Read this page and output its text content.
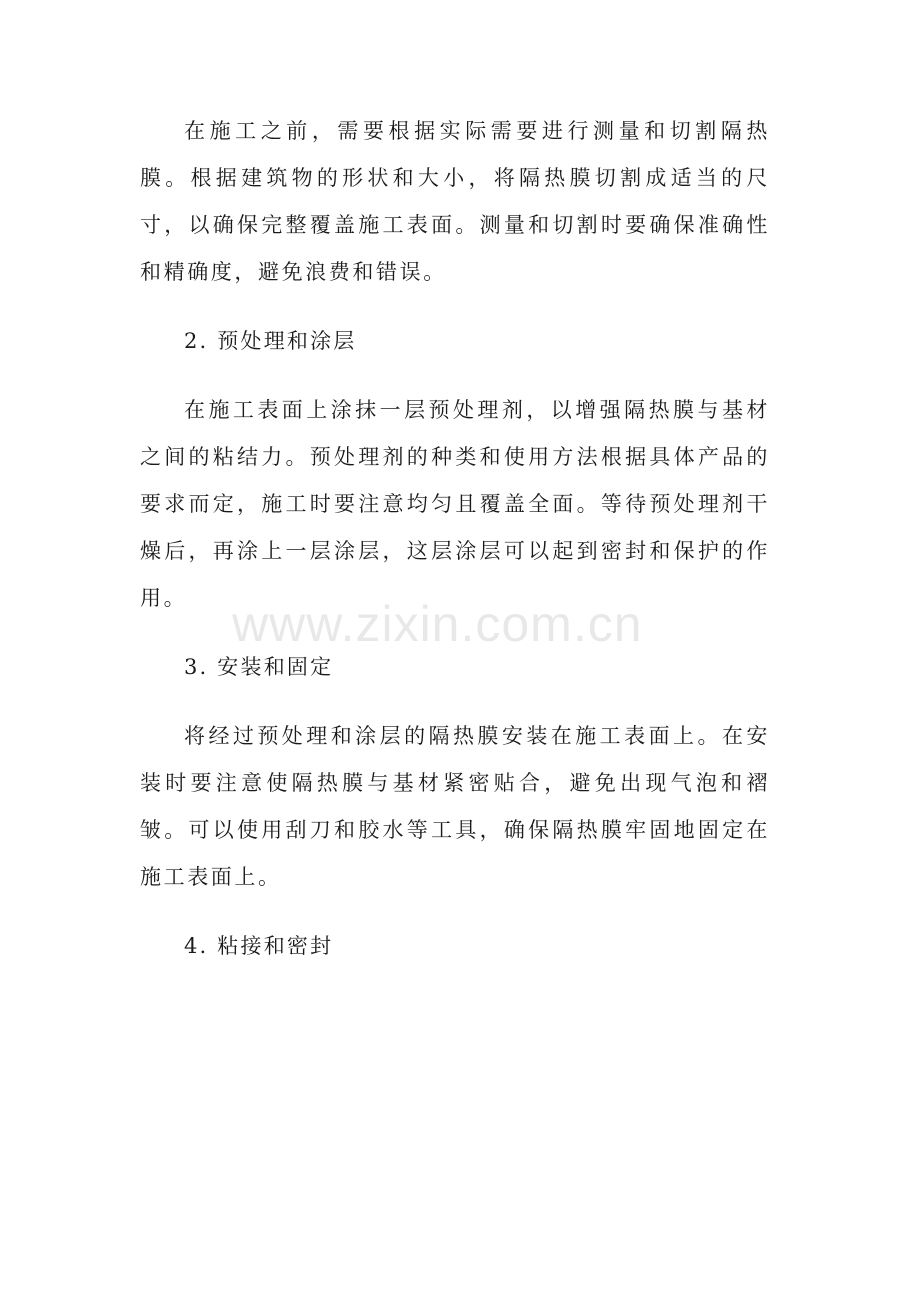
在施工之前，需要根据实际需要进行测量和切割隔热膜。根据建筑物的形状和大小，将隔热膜切割成适当的尺寸，以确保完整覆盖施工表面。测量和切割时要确保准确性和精确度，避免浪费和错误。

2. 预处理和涂层

在施工表面上涂抹一层预处理剂，以增强隔热膜与基材之间的粘结力。预处理剂的种类和使用方法根据具体产品的要求而定，施工时要注意均匀且覆盖全面。等待预处理剂干燥后，再涂上一层涂层，这层涂层可以起到密封和保护的作用。

3. 安装和固定

将经过预处理和涂层的隔热膜安装在施工表面上。在安装时要注意使隔热膜与基材紧密贴合，避免出现气泡和褶皱。可以使用刮刀和胶水等工具，确保隔热膜牢固地固定在施工表面上。

4. 粘接和密封

www.zixin.com.cn
